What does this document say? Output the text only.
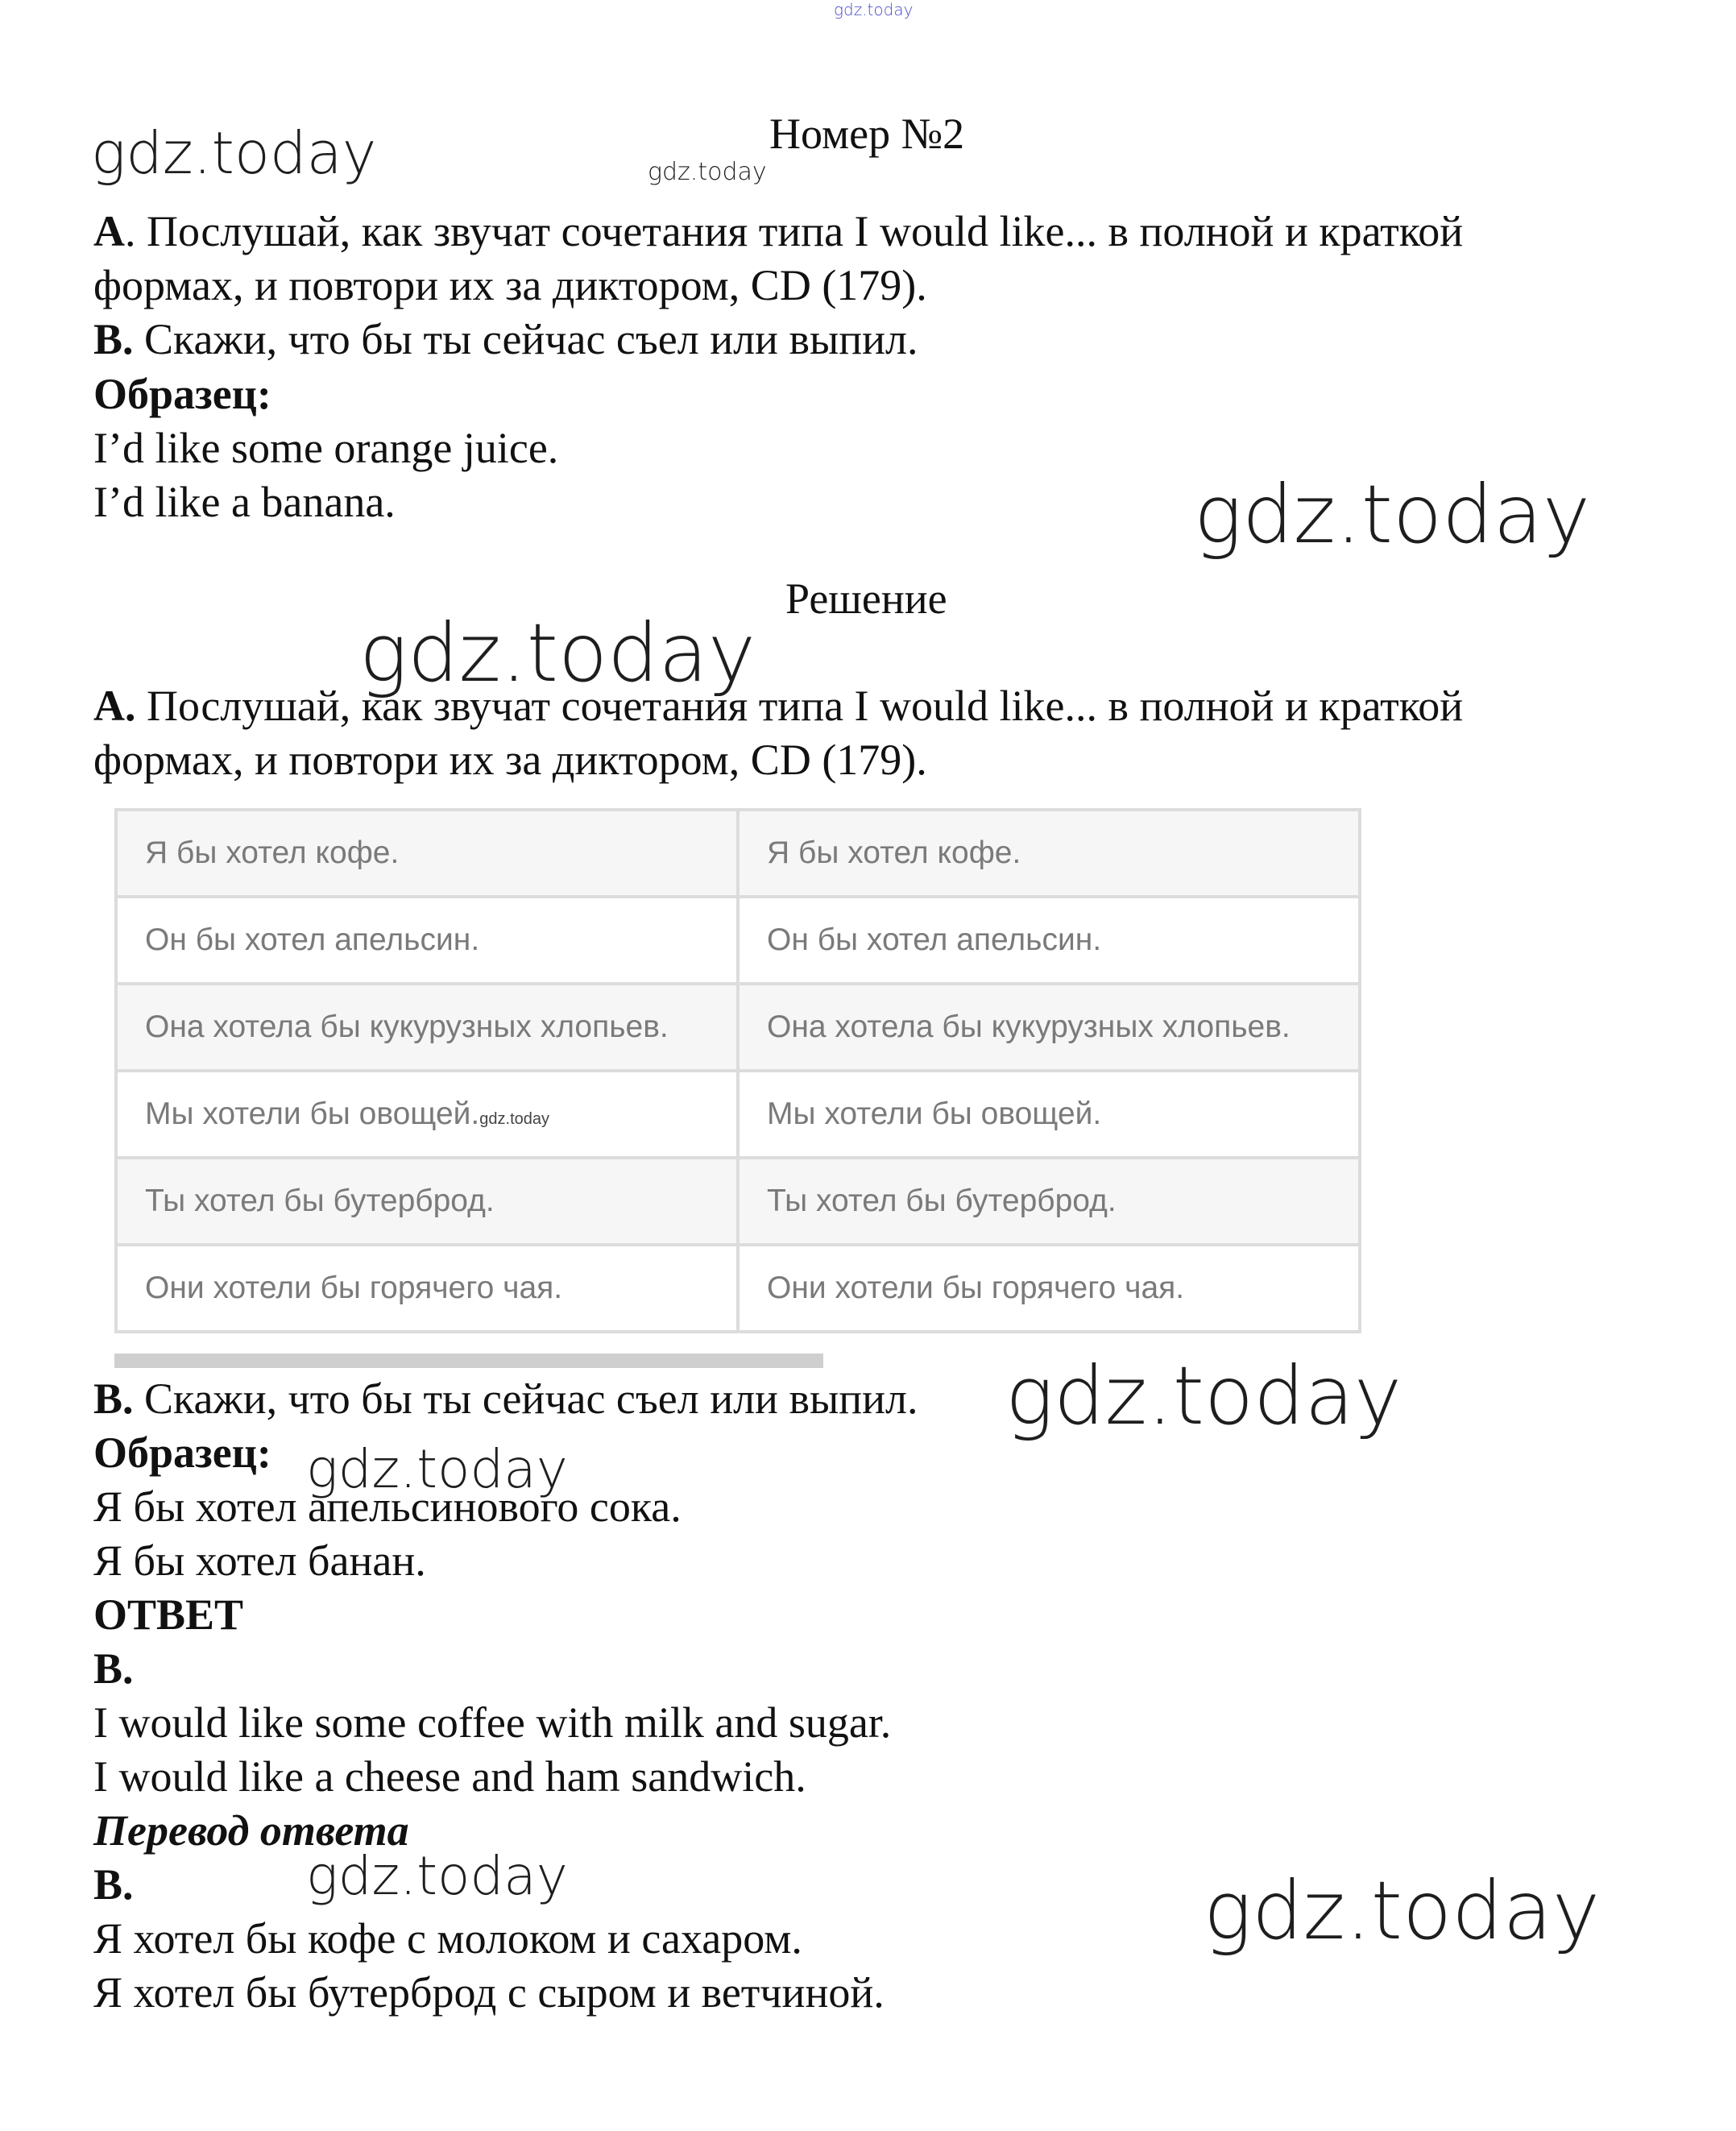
gdz.today
gdz.today	gdz.today
Номер №2
А. Послушай, как звучат сочетания типа I would like... в полной и краткой
формах, и повтори их за диктором, CD (179).
B. Скажи, что бы ты сейчас съел или выпил.
Образец:
I’d like some orange juice.
I’d like a banana.	gdz.today
Решение
gdz.today
А. Послушай, как звучат сочетания типа I would like... в полной и краткой
формах, и повтори их за диктором, CD (179).
Я бы хотел кофе.	Я бы хотел кофе.
Он бы хотел апельсин.	Он бы хотел апельсин.
Она хотела бы кукурузных хлопьев.	Она хотела бы кукурузных хлопьев.
Мы хотели бы овощей.gdz.today	Мы хотели бы овощей.
Ты хотел бы бутерброд.	Ты хотел бы бутерброд.
Они хотели бы горячего чая.	Они хотели бы горячего чая.
B. Скажи, что бы ты сейчас съел или выпил. gdz.today
Образец: gdz.today
Я бы хотел апельсинового сока.
Я бы хотел банан.
ОТВЕТ
B.
I would like some coffee with milk and sugar.
I would like a cheese and ham sandwich.
Перевод ответа
B.	gdz.today	gdz.today
Я хотел бы кофе с молоком и сахаром.
Я хотел бы бутерброд с сыром и ветчиной.
